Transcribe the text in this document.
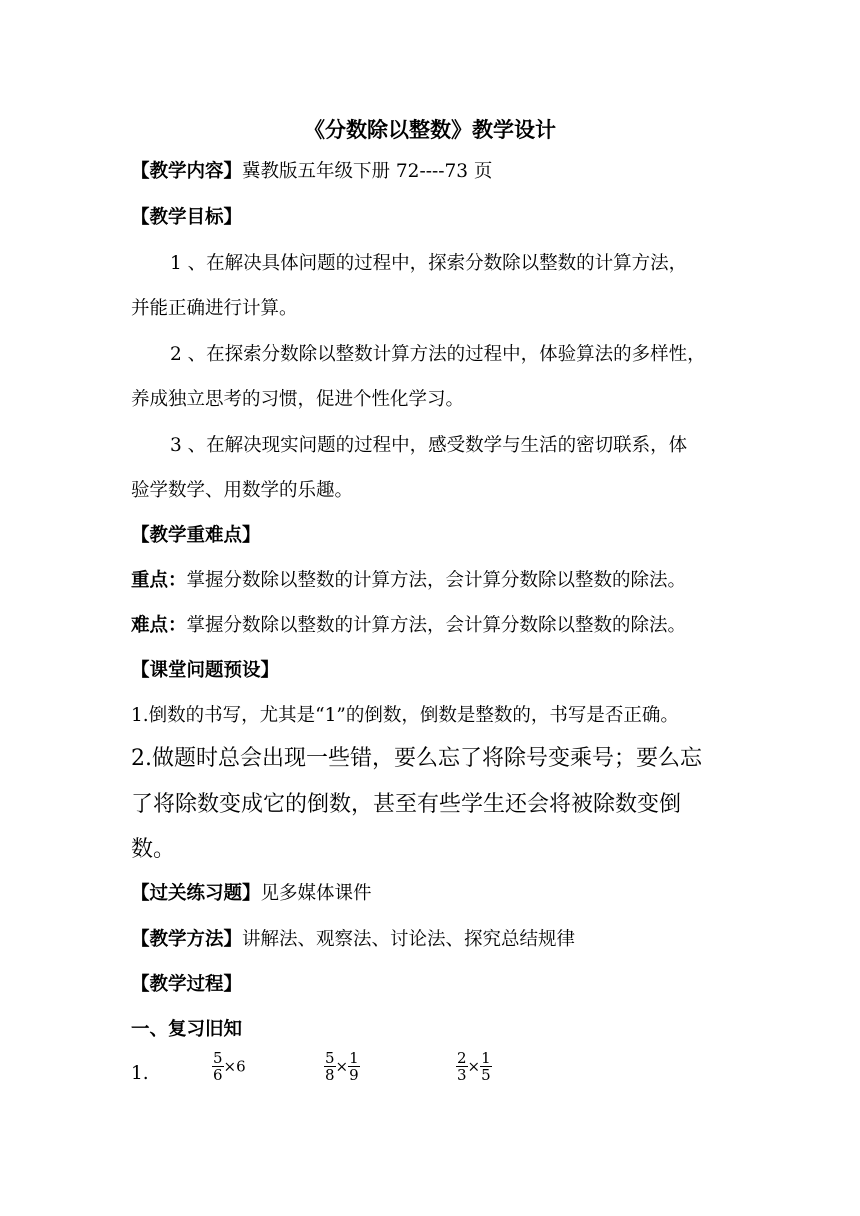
《分数除以整数》教学设计
【教学内容】冀教版五年级下册 72----73 页
【教学目标】
1 、在解决具体问题的过程中，探索分数除以整数的计算方法，
并能正确进行计算。
2 、在探索分数除以整数计算方法的过程中，体验算法的多样性，
养成独立思考的习惯，促进个性化学习。
3 、在解决现实问题的过程中，感受数学与生活的密切联系，体
验学数学、用数学的乐趣。
【教学重难点】
重点：掌握分数除以整数的计算方法，会计算分数除以整数的除法。
难点：掌握分数除以整数的计算方法，会计算分数除以整数的除法。
【课堂问题预设】
1.倒数的书写，尤其是“1”的倒数，倒数是整数的，书写是否正确。
2.做题时总会出现一些错，要么忘了将除号变乘号；要么忘
了将除数变成它的倒数，甚至有些学生还会将被除数变倒
数。
【过关练习题】见多媒体课件
【教学方法】讲解法、观察法、讨论法、探究总结规律
【教学过程】
一、复习旧知
1.	$\frac{5}{6} \times 6$	$\frac{5}{8} \times \frac{1}{9}$	$\frac{2}{3} \times \frac{1}{5}$
